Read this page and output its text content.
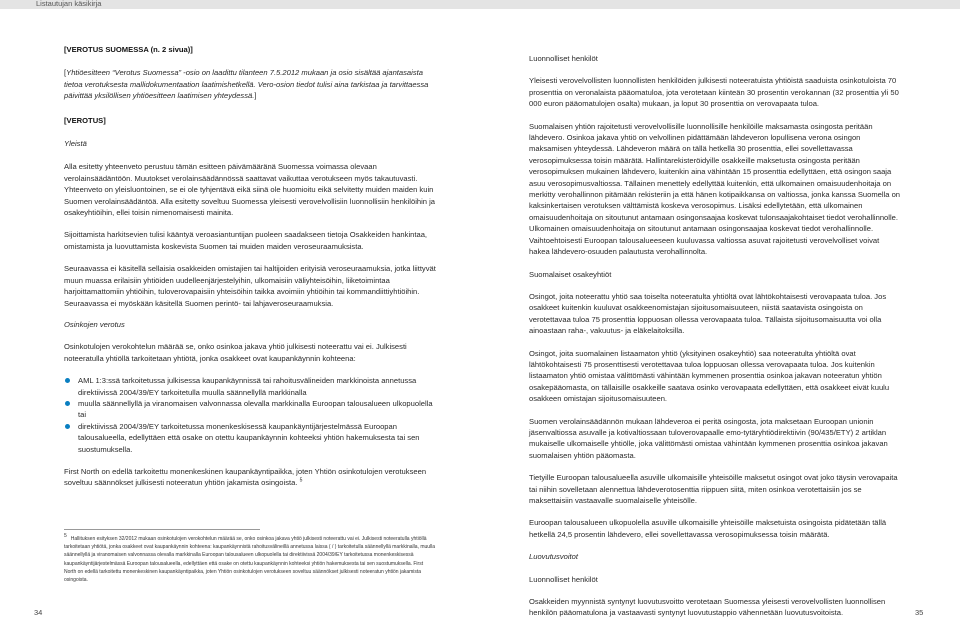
Listautujan käsikirja

[VEROTUS SUOMESSA (n. 2 sivua)]

[Yhtiöesitteen “Verotus Suomessa” -osio on laadittu tilanteen 7.5.2012 mukaan ja osio sisältää ajantasaista tietoa verotuksesta mallidokumentaation laatimishetkellä. Vero-osion tiedot tulisi aina tarkistaa ja tarvittaessa päivittää yksilöllisen yhtiöesitteen laatimisen yhteydessä.]

[VEROTUS]

Yleistä

Alla esitetty yhteenveto perustuu tämän esitteen päivämääränä Suomessa voimassa olevaan verolainsäädäntöön. Muutokset verolainsäädännössä saattavat vaikuttaa verotukseen myös takautuvasti. Yhteenveto on yleisluontoinen, se ei ole tyhjentävä eikä siinä ole huomioitu eikä selvitetty muiden maiden kuin Suomen verolainsäädäntöä. Alla esitetty soveltuu Suomessa yleisesti verovelvollisiin luonnollisiin henkilöihin ja osakeyhtiöihin, ellei toisin nimenomaisesti mainita.

Sijoittamista harkitsevien tulisi kääntyä veroasiantuntijan puoleen saadakseen tietoja Osakkeiden hankintaa, omistamista ja luovuttamista koskevista Suomen tai muiden maiden veroseuraamuksista.

Seuraavassa ei käsitellä sellaisia osakkeiden omistajien tai haltijoiden erityisiä veroseuraamuksia, jotka liittyvät muun muassa erilaisiin yhtiöiden uudelleenjärjestelyihin, ulkomaisiin väliyhteisöihin, liiketoimintaa harjoittamattomiin yhtiöihin, tuloverovapaisiin yhteisöihin taikka avoimiin yhtiöihin tai kommandiittiyhtiöihin. Seuraavassa ei myöskään käsitellä Suomen perintö- tai lahjaveroseuraamuksia.

Osinkojen verotus

Osinkotulojen verokohtelun määrää se, onko osinkoa jakava yhtiö julkisesti noteerattu vai ei. Julkisesti noteeratulla yhtiöllä tarkoitetaan yhtiötä, jonka osakkeet ovat kaupankäynnin kohteena:

AML 1:3:ssä tarkoitetussa julkisessa kaupankäynnissä tai rahoitusvälineiden markkinoista annetussa direktiivissä 2004/39/EY tarkoitetulla muulla säännellyllä markkinalla
muulla säännellyllä ja viranomaisen valvonnassa olevalla markkinalla Euroopan talousalueen ulkopuolella tai
direktiivissä 2004/39/EY tarkoitetussa monenkeskisessä kaupankäyntijärjestelmässä Euroopan talousalueella, edellyttäen että osake on otettu kaupankäynnin kohteeksi yhtiön hakemuksesta tai sen suostumuksella.

First North on edellä tarkoitettu monenkeskinen kaupankäyntipaikka, joten Yhtiön osinkotulojen verotukseen soveltuu säännökset julkisesti noteeratun yhtiön jakamista osingoista. $^5$

5 Hallituksen esityksen 32/2012 mukaan osinkotulojen verokohtelun määrää se, onko osinkoa jakava yhtiö julkisesti noteerattu vai ei. Julkisesti noteeratulla yhtiöllä tarkoitetaan yhtiötä, jonka osakkeet ovat kaupankäynnin kohteena: kaupankäynnistä rahoitusvälineillä annetussa laissa ( / ) tarkoitetulla säännellyllä markkinalla, muulla säännellyllä ja viranomaisen valvonnassa olevalla markkinalla Euroopan talousalueen ulkopuolella tai direktiivissä 2004/39/EY tarkoitetussa monenkeskisessä kaupankäyntijärjestelmässä Euroopan talousalueella, edellyttäen että osake on otettu kaupankäynnin kohteeksi yhtiön hakemuksesta tai sen suostumuksella. First North on edellä tarkoitettu monenkeskinen kaupankäyntipaikka, joten Yhtiön osinkotulojen verotukseen soveltuu säännökset julkisesti noteeratun yhtiön jakamista osingoista.

Luonnolliset henkilöt

Yleisesti verovelvollisten luonnollisten henkilöiden julkisesti noteeratuista yhtiöistä saaduista osinkotuloista 70 prosenttia on veronalaista pääomatuloa, jota verotetaan kiinteän 30 prosentin verokannan (32 prosenttia yli 50 000 euron pääomatulojen osalta) mukaan, ja loput 30 prosenttia on verovapaata tuloa.

Suomalaisen yhtiön rajoitetusti verovelvollisille luonnollisille henkilöille maksamasta osingosta peritään lähdevero. Osinkoa jakava yhtiö on velvollinen pidättämään lähdeveron lopullisena verona osingon maksamisen yhteydessä. Lähdeveron määrä on tällä hetkellä 30 prosenttia, ellei sovellettavassa verosopimuksessa toisin määrätä. Hallintarekisteröidyille osakkeille maksetusta osingosta peritään verosopimuksen mukainen lähdevero, kuitenkin aina vähintään 15 prosenttia edellyttäen, että osingon saaja asuu verosopimusvaltiossa. Tällainen menettely edellyttää kuitenkin, että ulkomainen omaisuudenhoitaja on merkitty verohallinnon pitämään rekisteriin ja että hänen kotipaikkansa on valtiossa, jonka kanssa Suomella on kaksinkertaisen verotuksen välttämistä koskeva verosopimus. Lisäksi edellytetään, että ulkomainen omaisuudenhoitaja on sitoutunut antamaan osingonsaajaa koskevat tulonsaajakohtaiset tiedot verohallinnolle. Ulkomainen omaisuudenhoitaja on sitoutunut antamaan osingonsaajaa koskevat tiedot verohallinnolle. Vaihtoehtoisesti Euroopan talousalueeseen kuuluvassa valtiossa asuvat rajoitetusti verovelvolliset voivat hakea lähdevero-osuuden palautusta verohallinnolta.

Suomalaiset osakeyhtiöt

Osingot, joita noteerattu yhtiö saa toiselta noteeratulta yhtiöltä ovat lähtökohtaisesti verovapaata tuloa. Jos osakkeet kuitenkin kuuluvat osakkeenomistajan sijoitusomaisuuteen, niistä saatavista osingoista on verotettavaa tuloa 75 prosenttia loppuosan ollessa verovapaata tuloa. Tällaista sijoitusomaisuutta voi olla ainoastaan raha-, vakuutus- ja eläkelaitoksilla.

Osingot, joita suomalainen listaamaton yhtiö (yksityinen osakeyhtiö) saa noteeratulta yhtiöltä ovat lähtökohtaisesti 75 prosenttisesti verotettavaa tuloa loppuosan ollessa verovapaata tuloa. Jos kuitenkin listaamaton yhtiö omistaa välittömästi vähintään kymmenen prosenttia osinkoa jakavan noteeratun yhtiön osakepääomasta, on tällaisille osakkeille saatava osinko verovapaata edellyttäen, että osakkeet eivät kuulu osakkeen omistajan sijoitusomaisuuteen.

Suomen verolainsäädännön mukaan lähdeveroa ei peritä osingosta, jota maksetaan Euroopan unionin jäsenvaltiossa asuvalle ja kotivaltiossaan tuloverovapaalle emo-tytäryhtiödirektiivin (90/435/ETY) 2 artiklan mukaiselle ulkomaiselle yhtiölle, joka välittömästi omistaa vähintään kymmenen prosenttia osinkoa jakavan suomalaisen yhtiön pääomasta.

Tietyille Euroopan talousalueella asuville ulkomaisille yhteisöille maksetut osingot ovat joko täysin verovapaita tai niihin sovelletaan alennettua lähdeverotosenttia riippuen siitä, miten osinkoa verotettaisiin jos se maksettaisiin vastaavalle suomalaiselle yhteisölle.

Euroopan talousalueen ulkopuolella asuville ulkomaisille yhteisöille maksetuista osingoista pidätetään tällä hetkellä 24,5 prosentin lähdevero, ellei sovellettavassa verosopimuksessa toisin määrätä.

Luovutusvoitot

Luonnolliset henkilöt

Osakkeiden myynnistä syntynyt luovutusvoitto verotetaan Suomessa yleisesti verovelvollisten luonnollisen henkilön pääomatulona ja vastaavasti syntynyt luovutustappio vähennetään luovutusvoitoista.

34	35
